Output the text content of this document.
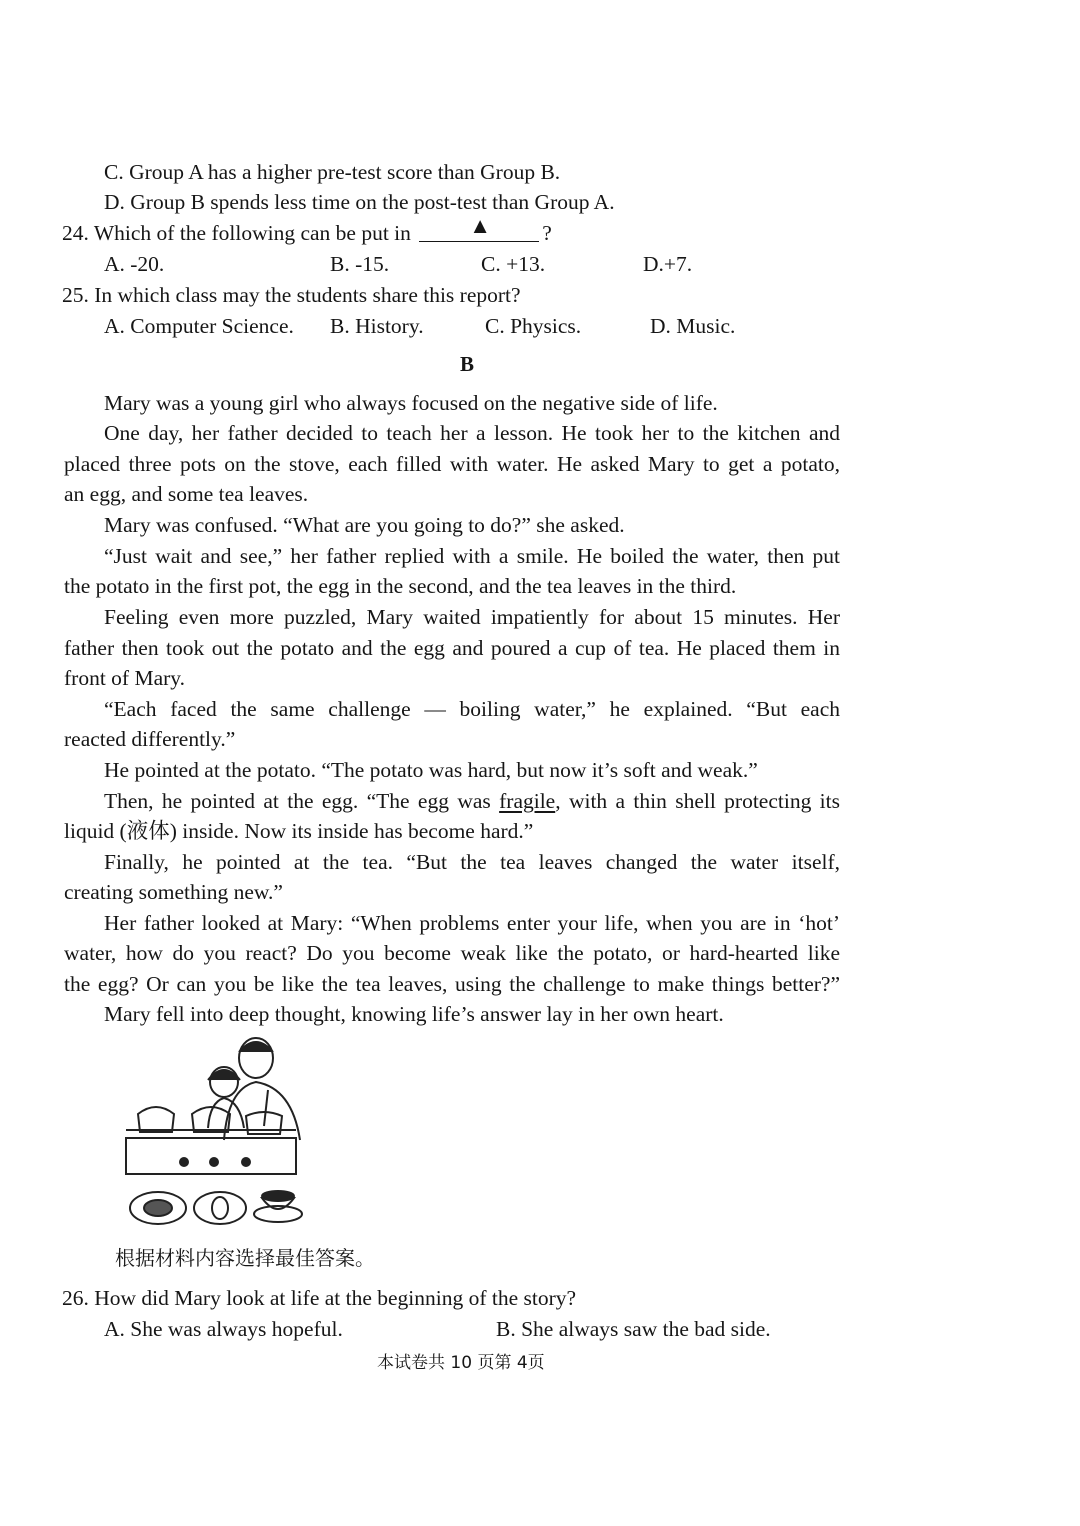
C. Group A has a higher pre-test score than Group B.
D. Group B spends less time on the post-test than Group A.
24. Which of the following can be put in	▲ ?
A. -20.	B. -15.	C. +13.	D.+7.
25. In which class may the students share this report?
A. Computer Science. B. History.	C. Physics.	D. Music.
B
Mary was a young girl who always focused on the negative side of life.
One day, her father decided to teach her a lesson. He took her to the kitchen and
placed three pots on the stove, each filled with water. He asked Mary to get a potato,
an egg, and some tea leaves.
Mary was confused. “What are you going to do?” she asked.
“Just wait and see,” her father replied with a smile. He boiled the water, then put
the potato in the first pot, the egg in the second, and the tea leaves in the third.
Feeling even more puzzled, Mary waited impatiently for about 15 minutes. Her
father then took out the potato and the egg and poured a cup of tea. He placed them in
front of Mary.
“Each faced the same challenge — boiling water,” he explained. “But each
reacted differently.”
He pointed at the potato. “The potato was hard, but now it’s soft and weak.”
Then, he pointed at the egg. “The egg was fragile, with a thin shell protecting its
liquid (液体) inside. Now its inside has become hard.”
Finally, he pointed at the tea. “But the tea leaves changed the water itself,
creating something new.”
Her father looked at Mary: “When problems enter your life, when you are in ‘hot’
water, how do you react? Do you become weak like the potato, or hard-hearted like
the egg? Or can you be like the tea leaves, using the challenge to make things better?”
Mary fell into deep thought, knowing life’s answer lay in her own heart.
根据材料内容选择最佳答案。
26. How did Mary look at life at the beginning of the story?
A. She was always hopeful.	B. She always saw the bad side.
本试卷共 10 页第 4页
